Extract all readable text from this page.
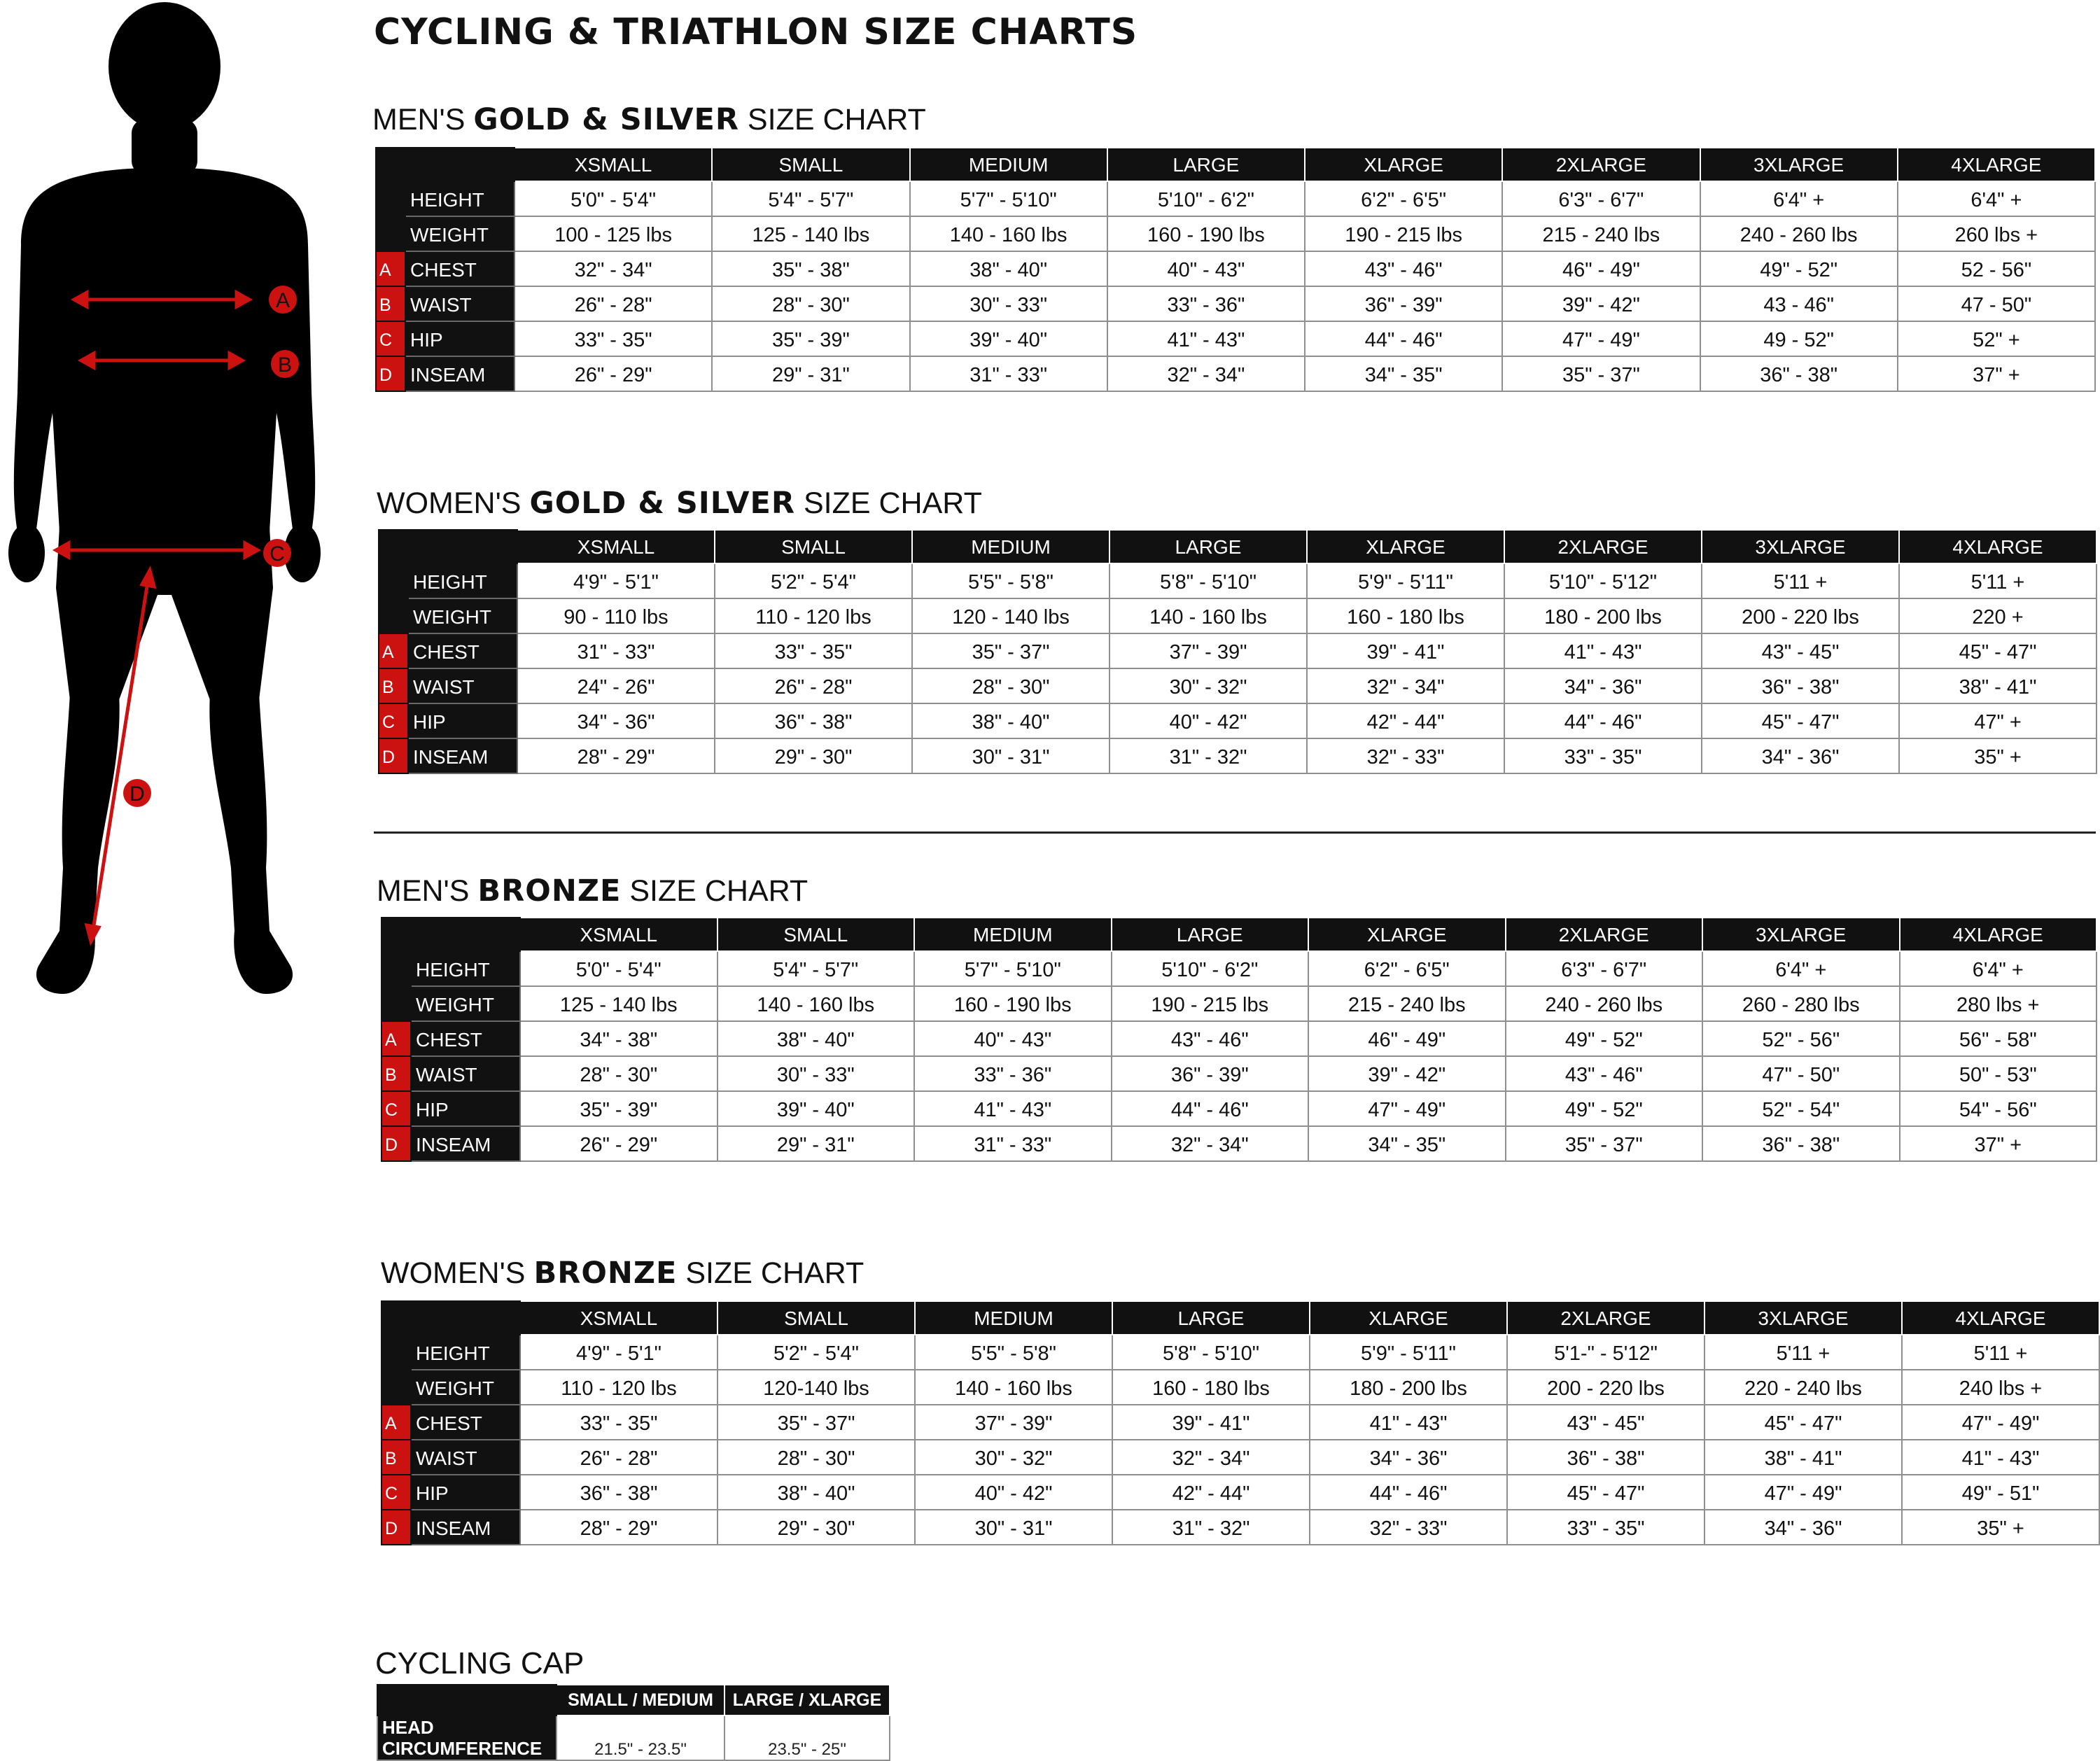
A
B
C
D
CYCLING & TRIATHLON SIZE CHARTS
MEN'S GOLD & SILVER SIZE CHART
		XSMALL	SMALL	MEDIUM	LARGE	XLARGE	2XLARGE	3XLARGE	4XLARGE
	HEIGHT	5'0" - 5'4"	5'4" - 5'7"	5'7" - 5'10"	5'10" - 6'2"	6'2" - 6'5"	6'3" - 6'7"	6'4" +	6'4" +
	WEIGHT	100 - 125 lbs	125 - 140 lbs	140 - 160 lbs	160 - 190 lbs	190 - 215 lbs	215 - 240 lbs	240 - 260 lbs	260 lbs +
A	CHEST	32" - 34"	35" - 38"	38" - 40"	40" - 43"	43" - 46"	46" - 49"	49" - 52"	52 - 56"
B	WAIST	26" - 28"	28" - 30"	30" - 33"	33" - 36"	36" - 39"	39" - 42"	43 - 46"	47 - 50"
C	HIP	33" - 35"	35" - 39"	39" - 40"	41" - 43"	44" - 46"	47" - 49"	49 - 52"	52" +
D	INSEAM	26" - 29"	29" - 31"	31" - 33"	32" - 34"	34" - 35"	35" - 37"	36" - 38"	37" +
WOMEN'S GOLD & SILVER SIZE CHART
		XSMALL	SMALL	MEDIUM	LARGE	XLARGE	2XLARGE	3XLARGE	4XLARGE
	HEIGHT	4'9" - 5'1"	5'2" - 5'4"	5'5" - 5'8"	5'8" - 5'10"	5'9" - 5'11"	5'10" - 5'12"	5'11 +	5'11 +
	WEIGHT	90 - 110 lbs	110 - 120 lbs	120 - 140 lbs	140 - 160 lbs	160 - 180 lbs	180 - 200 lbs	200 - 220 lbs	220 +
A	CHEST	31" - 33"	33" - 35"	35" - 37"	37" - 39"	39" - 41"	41" - 43"	43" - 45"	45" - 47"
B	WAIST	24" - 26"	26" - 28"	28" - 30"	30" - 32"	32" - 34"	34" - 36"	36" - 38"	38" - 41"
C	HIP	34" - 36"	36" - 38"	38" - 40"	40" - 42"	42" - 44"	44" - 46"	45" - 47"	47" +
D	INSEAM	28" - 29"	29" - 30"	30" - 31"	31" - 32"	32" - 33"	33" - 35"	34" - 36"	35" +
MEN'S BRONZE SIZE CHART
		XSMALL	SMALL	MEDIUM	LARGE	XLARGE	2XLARGE	3XLARGE	4XLARGE
	HEIGHT	5'0" - 5'4"	5'4" - 5'7"	5'7" - 5'10"	5'10" - 6'2"	6'2" - 6'5"	6'3" - 6'7"	6'4" +	6'4" +
	WEIGHT	125 - 140 lbs	140 - 160 lbs	160 - 190 lbs	190 - 215 lbs	215 - 240 lbs	240 - 260 lbs	260 - 280 lbs	280 lbs +
A	CHEST	34" - 38"	38" - 40"	40" - 43"	43" - 46"	46" - 49"	49" - 52"	52" - 56"	56" - 58"
B	WAIST	28" - 30"	30" - 33"	33" - 36"	36" - 39"	39" - 42"	43" - 46"	47" - 50"	50" - 53"
C	HIP	35" - 39"	39" - 40"	41" - 43"	44" - 46"	47" - 49"	49" - 52"	52" - 54"	54" - 56"
D	INSEAM	26" - 29"	29" - 31"	31" - 33"	32" - 34"	34" - 35"	35" - 37"	36" - 38"	37" +
WOMEN'S BRONZE SIZE CHART
		XSMALL	SMALL	MEDIUM	LARGE	XLARGE	2XLARGE	3XLARGE	4XLARGE
	HEIGHT	4'9" - 5'1"	5'2" - 5'4"	5'5" - 5'8"	5'8" - 5'10"	5'9" - 5'11"	5'1-" - 5'12"	5'11 +	5'11 +
	WEIGHT	110 - 120 lbs	120-140 lbs	140 - 160 lbs	160 - 180 lbs	180 - 200 lbs	200 - 220 lbs	220 - 240 lbs	240 lbs +
A	CHEST	33" - 35"	35" - 37"	37" - 39"	39" - 41"	41" - 43"	43" - 45"	45" - 47"	47" - 49"
B	WAIST	26" - 28"	28" - 30"	30" - 32"	32" - 34"	34" - 36"	36" - 38"	38" - 41"	41" - 43"
C	HIP	36" - 38"	38" - 40"	40" - 42"	42" - 44"	44" - 46"	45" - 47"	47" - 49"	49" - 51"
D	INSEAM	28" - 29"	29" - 30"	30" - 31"	31" - 32"	32" - 33"	33" - 35"	34" - 36"	35" +
CYCLING CAP
	SMALL / MEDIUM	LARGE / XLARGE

HEAD
CIRCUMFERENCE	21.5" - 23.5"	23.5" - 25"
